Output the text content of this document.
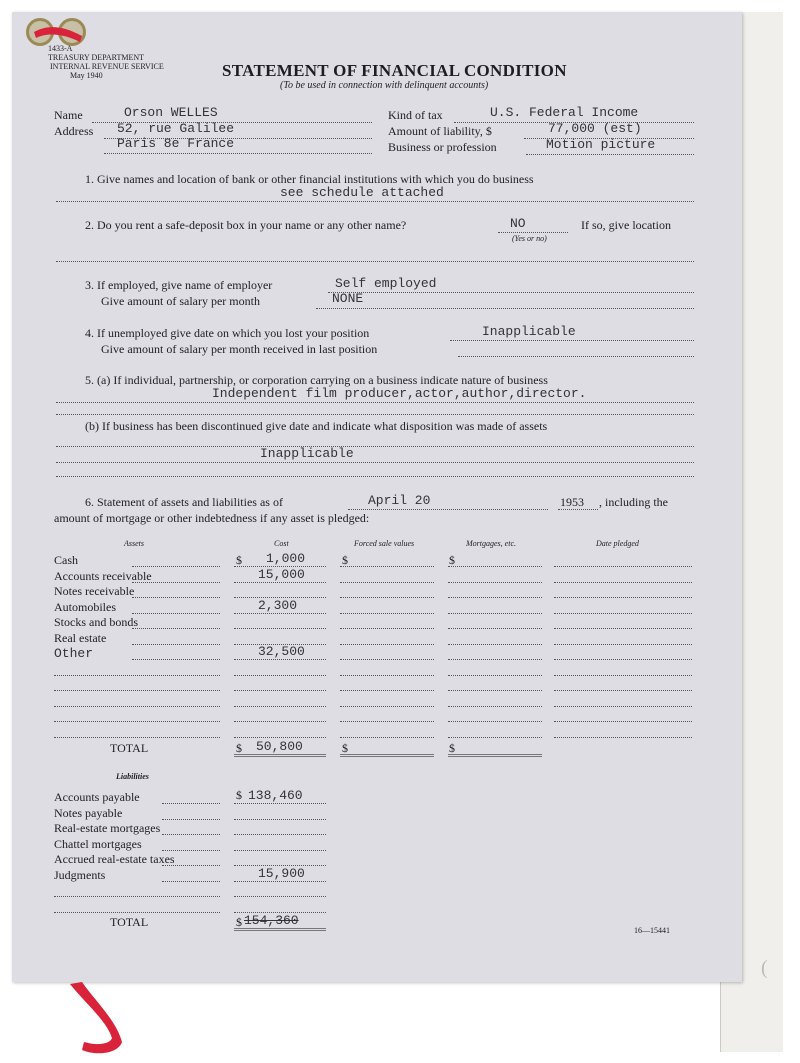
(
1433-A
TREASURY DEPARTMENT
INTERNAL REVENUE SERVICE
May 1940	STATEMENT OF FINANCIAL CONDITION
(To be used in connection with delinquent accounts)
Name	Orson WELLES
Address 52, rue Galilee
Paris 8e France
Kind of tax	U.S. Federal Income
Amount of liability, $	77,000 (est)
Business or profession	Motion picture
1. Give names and location of bank or other financial institutions with which you do business
see schedule attached
2. Do you rent a safe-deposit box in your name or any other name?	NO
(Yes or no)
If so, give location
3. If employed, give name of employer	Self employed
Give amount of salary per month	NONE
4. If unemployed give date on which you lost your position	Inapplicable
Give amount of salary per month received in last position
5. (a) If individual, partnership, or corporation carrying on a business indicate nature of business
Independent film producer,actor,author,director.
(b) If business has been discontinued give date and indicate what disposition was made of assets
Inapplicable
6. Statement of assets and liabilities as of	April 20	1953 , including the
amount of mortgage or other indebtedness if any asset is pledged:
Assets	Cost	Forced sale values	Mortgages, etc.	Date pledged
Cash	1,000
Accounts receivable	15,000
Notes receivable
Automobiles	2,300
Stocks and bonds
Real estate
Other	32,500
$	$	$
TOTAL	$ 50,800	$	$
Liabilities
Accounts payable	138,460
Notes payable
Real-estate mortgages
Chattel mortgages
Accrued real-estate taxes
Judgments	15,900
$
TOTAL	$ 154,360
16—15441
